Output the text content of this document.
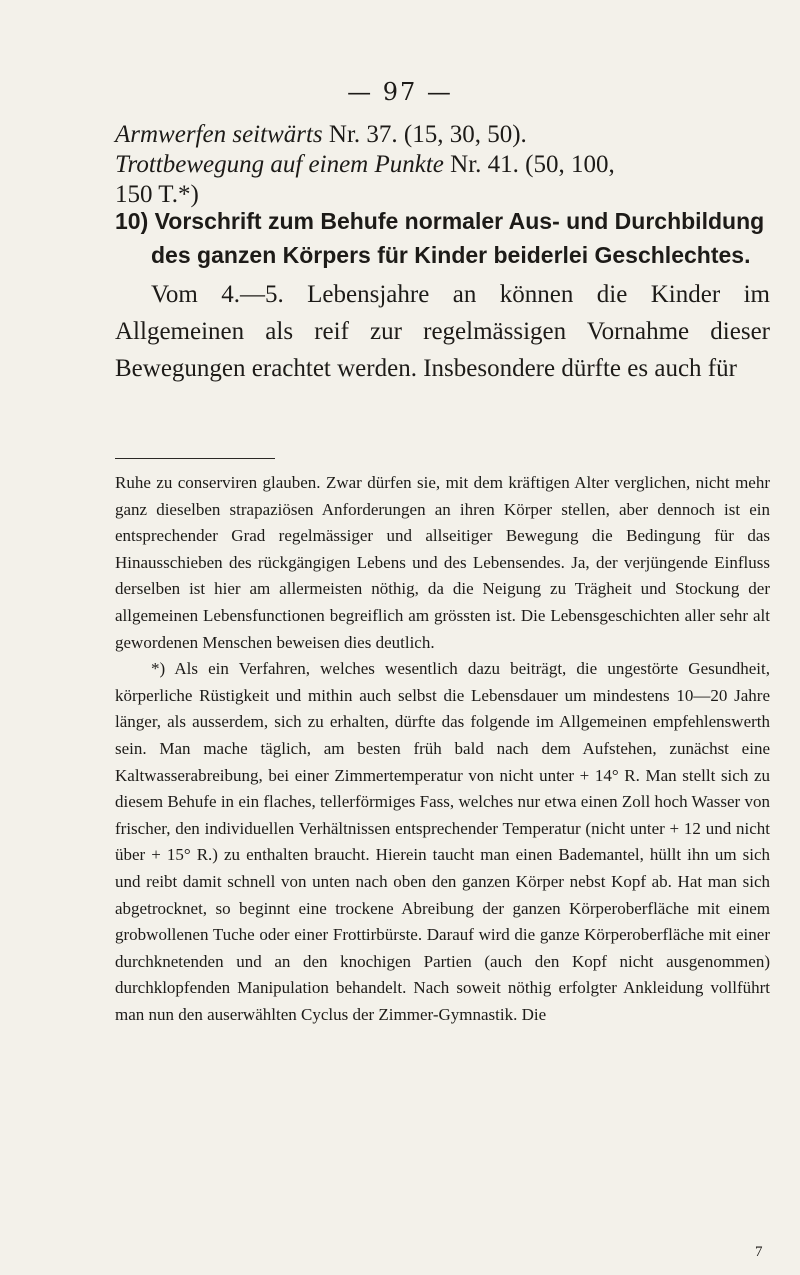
— 97 —
Armwerfen seitwärts Nr. 37. (15, 30, 50).
Trottbewegung auf einem Punkte Nr. 41. (50, 100,
150 T.*)
10) Vorschrift zum Behufe normaler Aus- und Durchbildung
des ganzen Körpers für Kinder beiderlei Geschlechtes.

Vom 4.—5. Lebensjahre an können die Kinder im Allgemeinen als reif zur regelmässigen Vornahme dieser Bewegungen erachtet werden. Insbesondere dürfte es auch für

Ruhe zu conserviren glauben. Zwar dürfen sie, mit dem kräftigen Alter verglichen, nicht mehr ganz dieselben strapaziösen Anforderungen an ihren Körper stellen, aber dennoch ist ein entsprechender Grad regelmässiger und allseitiger Bewegung die Bedingung für das Hinausschieben des rückgängigen Lebens und des Lebensendes. Ja, der verjüngende Einfluss derselben ist hier am allermeisten nöthig, da die Neigung zu Trägheit und Stockung der allgemeinen Lebensfunctionen begreiflich am grössten ist. Die Lebensgeschichten aller sehr alt gewordenen Menschen beweisen dies deutlich.

*) Als ein Verfahren, welches wesentlich dazu beiträgt, die ungestörte Gesundheit, körperliche Rüstigkeit und mithin auch selbst die Lebensdauer um mindestens 10—20 Jahre länger, als ausserdem, sich zu erhalten, dürfte das folgende im Allgemeinen empfehlenswerth sein. Man mache täglich, am besten früh bald nach dem Aufstehen, zunächst eine Kaltwasserabreibung, bei einer Zimmertemperatur von nicht unter + 14° R. Man stellt sich zu diesem Behufe in ein flaches, tellerförmiges Fass, welches nur etwa einen Zoll hoch Wasser von frischer, den individuellen Verhältnissen entsprechender Temperatur (nicht unter + 12 und nicht über + 15° R.) zu enthalten braucht. Hierein taucht man einen Bademantel, hüllt ihn um sich und reibt damit schnell von unten nach oben den ganzen Körper nebst Kopf ab. Hat man sich abgetrocknet, so beginnt eine trockene Abreibung der ganzen Körperoberfläche mit einem grobwollenen Tuche oder einer Frottirbürste. Darauf wird die ganze Körperoberfläche mit einer durchknetenden und an den knochigen Partien (auch den Kopf nicht ausgenommen) durchklopfenden Manipulation behandelt. Nach soweit nöthig erfolgter Ankleidung vollführt man nun den auserwählten Cyclus der Zimmer-Gymnastik. Die

7
